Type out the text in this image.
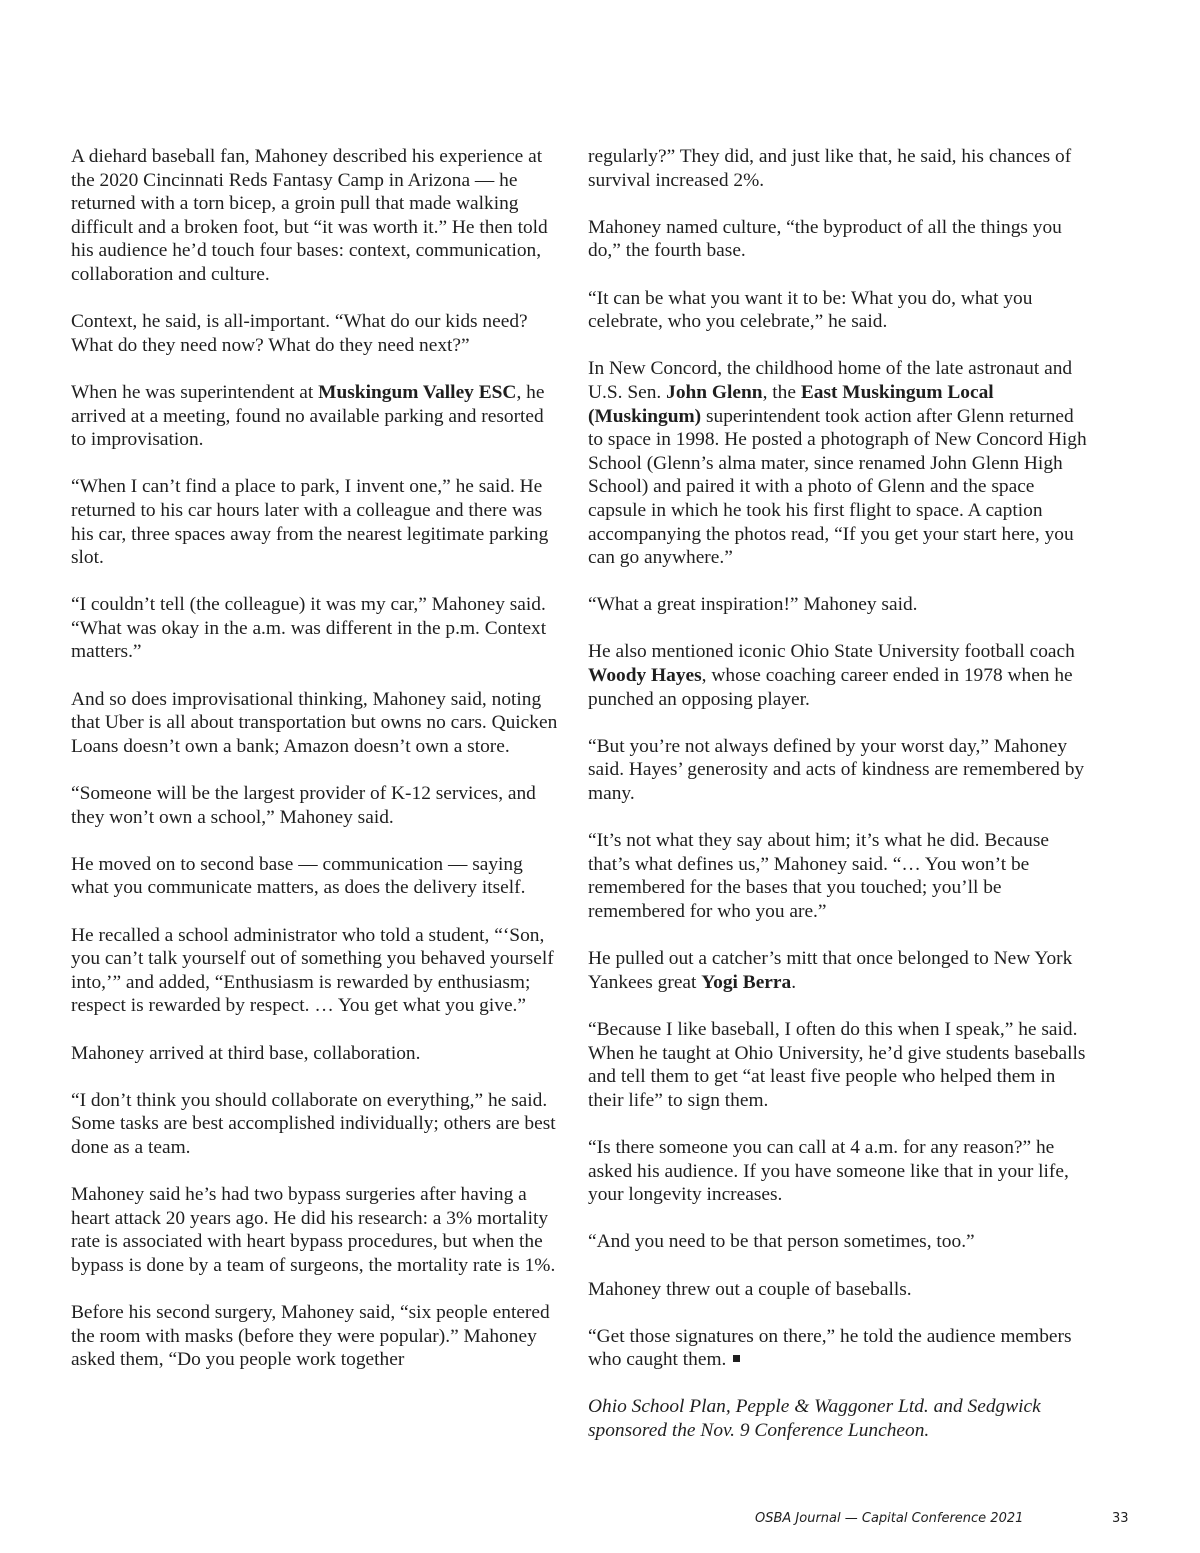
A diehard baseball fan, Mahoney described his experience at the 2020 Cincinnati Reds Fantasy Camp in Arizona — he returned with a torn bicep, a groin pull that made walking difficult and a broken foot, but “it was worth it.” He then told his audience he’d touch four bases: context, communication, collaboration and culture.

Context, he said, is all-important. “What do our kids need? What do they need now? What do they need next?”

When he was superintendent at Muskingum Valley ESC, he arrived at a meeting, found no available parking and resorted to improvisation.

“When I can’t find a place to park, I invent one,” he said. He returned to his car hours later with a colleague and there was his car, three spaces away from the nearest legitimate parking slot.

“I couldn’t tell (the colleague) it was my car,” Mahoney said. “What was okay in the a.m. was different in the p.m. Context matters.”

And so does improvisational thinking, Mahoney said, noting that Uber is all about transportation but owns no cars. Quicken Loans doesn’t own a bank; Amazon doesn’t own a store.

“Someone will be the largest provider of K-12 services, and they won’t own a school,” Mahoney said.

He moved on to second base — communication — saying what you communicate matters, as does the delivery itself.

He recalled a school administrator who told a student, “‘Son, you can’t talk yourself out of something you behaved yourself into,’” and added, “Enthusiasm is rewarded by enthusiasm; respect is rewarded by respect. … You get what you give.”

Mahoney arrived at third base, collaboration.

“I don’t think you should collaborate on everything,” he said. Some tasks are best accomplished individually; others are best done as a team.

Mahoney said he’s had two bypass surgeries after having a heart attack 20 years ago. He did his research: a 3% mortality rate is associated with heart bypass procedures, but when the bypass is done by a team of surgeons, the mortality rate is 1%.

Before his second surgery, Mahoney said, “six people entered the room with masks (before they were popular).” Mahoney asked them, “Do you people work together

regularly?” They did, and just like that, he said, his chances of survival increased 2%.

Mahoney named culture, “the byproduct of all the things you do,” the fourth base.

“It can be what you want it to be: What you do, what you celebrate, who you celebrate,” he said.

In New Concord, the childhood home of the late astronaut and U.S. Sen. John Glenn, the East Muskingum Local (Muskingum) superintendent took action after Glenn returned to space in 1998. He posted a photograph of New Concord High School (Glenn’s alma mater, since renamed John Glenn High School) and paired it with a photo of Glenn and the space capsule in which he took his first flight to space. A caption accompanying the photos read, “If you get your start here, you can go anywhere.”

“What a great inspiration!” Mahoney said.

He also mentioned iconic Ohio State University football coach Woody Hayes, whose coaching career ended in 1978 when he punched an opposing player.

“But you’re not always defined by your worst day,” Mahoney said. Hayes’ generosity and acts of kindness are remembered by many.

“It’s not what they say about him; it’s what he did. Because that’s what defines us,” Mahoney said. “… You won’t be remembered for the bases that you touched; you’ll be remembered for who you are.”

He pulled out a catcher’s mitt that once belonged to New York Yankees great Yogi Berra.

“Because I like baseball, I often do this when I speak,” he said. When he taught at Ohio University, he’d give students baseballs and tell them to get “at least five people who helped them in their life” to sign them.

“Is there someone you can call at 4 a.m. for any reason?” he asked his audience. If you have someone like that in your life, your longevity increases.

“And you need to be that person sometimes, too.”

Mahoney threw out a couple of baseballs.

“Get those signatures on there,” he told the audience members who caught them.

Ohio School Plan, Pepple & Waggoner Ltd. and Sedgwick sponsored the Nov. 9 Conference Luncheon.

OSBA Journal — Capital Conference 2021	33
